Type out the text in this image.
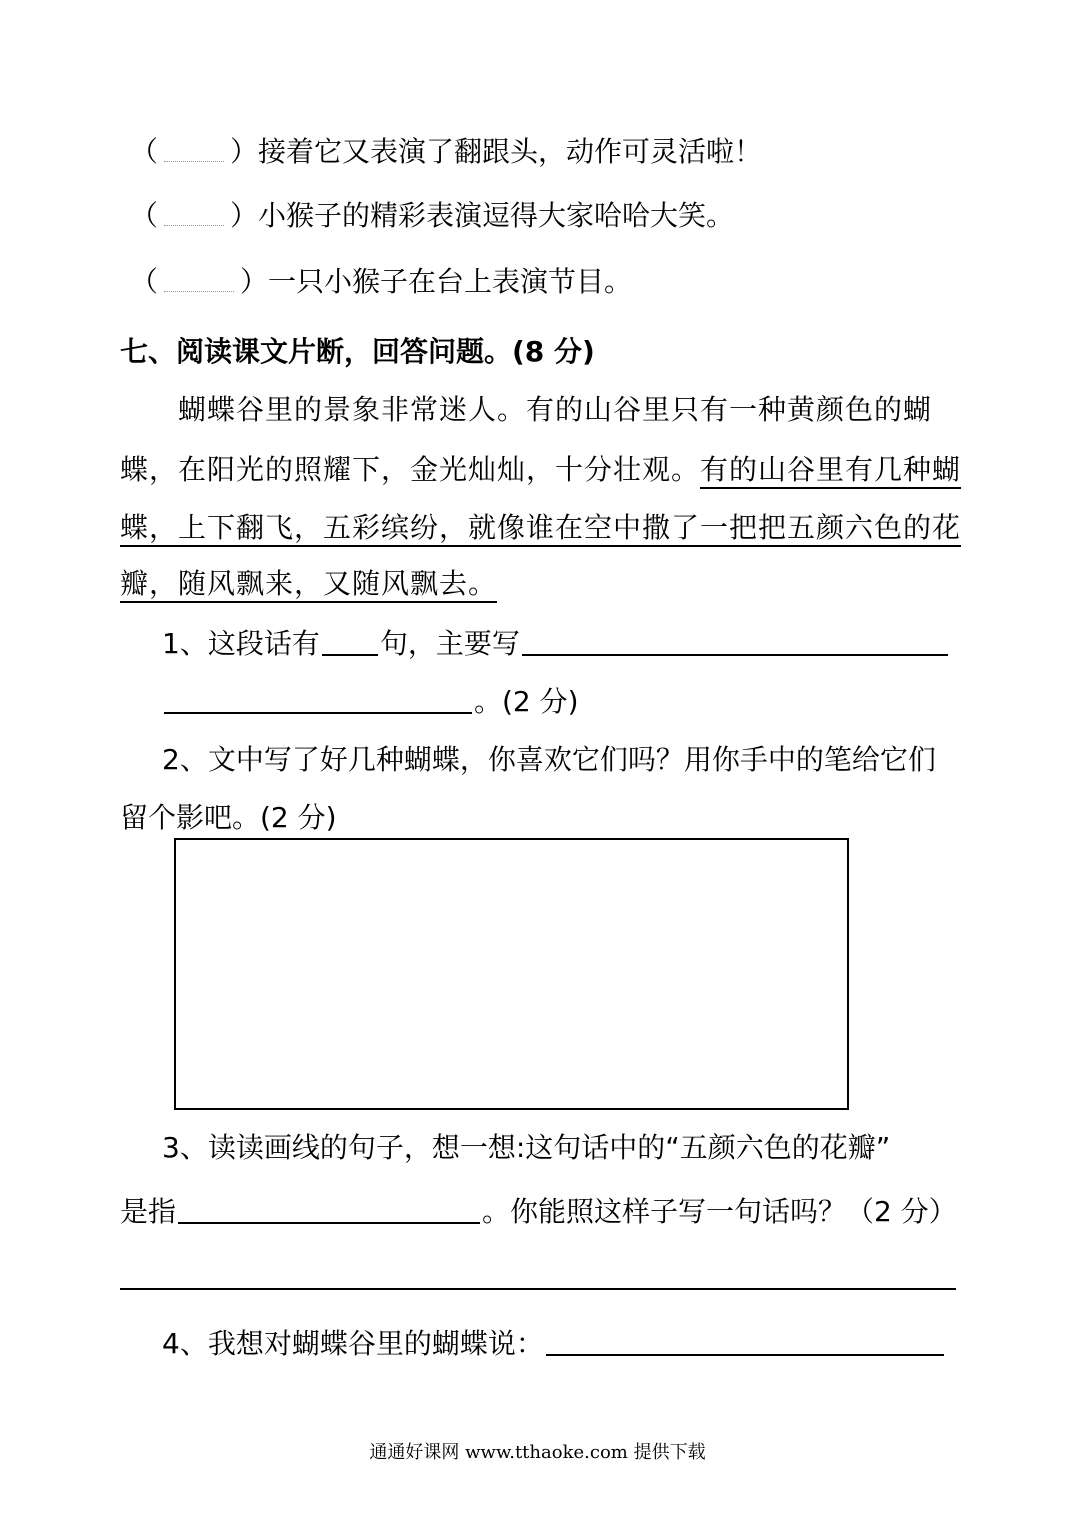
（	）接着它又表演了翻跟头，动作可灵活啦！
（	）小猴子的精彩表演逗得大家哈哈大笑。
（	）一只小猴子在台上表演节目。
七、阅读课文片断，回答问题。(8 分)
蝴蝶谷里的景象非常迷人。有的山谷里只有一种黄颜色的蝴
蝶，在阳光的照耀下，金光灿灿，十分壮观。有的山谷里有几种蝴
蝶，上下翻飞，五彩缤纷，就像谁在空中撒了一把把五颜六色的花
瓣，随风飘来，又随风飘去。
1、这段话有 句，主要写
。(2 分)
2、文中写了好几种蝴蝶，你喜欢它们吗？用你手中的笔给它们
留个影吧。(2 分)
3、读读画线的句子，想一想:这句话中的“五颜六色的花瓣”
是指	。你能照这样子写一句话吗？（2 分）
4、我想对蝴蝶谷里的蝴蝶说：
通通好课网 www.tthaoke.com 提供下载
